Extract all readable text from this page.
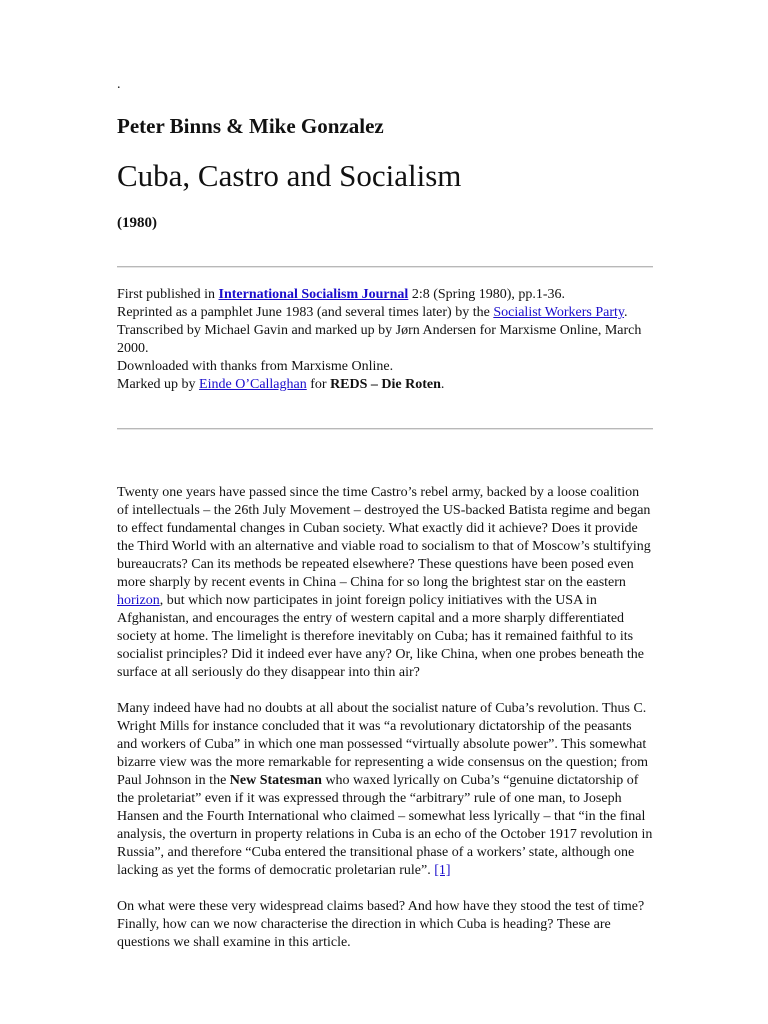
.
Peter Binns & Mike Gonzalez
Cuba, Castro and Socialism
(1980)
First published in International Socialism Journal 2:8 (Spring 1980), pp.1-36.
Reprinted as a pamphlet June 1983 (and several times later) by the Socialist Workers Party.
Transcribed by Michael Gavin and marked up by Jørn Andersen for Marxisme Online, March 2000.
Downloaded with thanks from Marxisme Online.
Marked up by Einde O’Callaghan for REDS – Die Roten.

Twenty one years have passed since the time Castro’s rebel army, backed by a loose coalition of intellectuals – the 26th July Movement – destroyed the US-backed Batista regime and began to effect fundamental changes in Cuban society. What exactly did it achieve? Does it provide the Third World with an alternative and viable road to socialism to that of Moscow’s stultifying bureaucrats? Can its methods be repeated elsewhere? These questions have been posed even more sharply by recent events in China – China for so long the brightest star on the eastern horizon, but which now participates in joint foreign policy initiatives with the USA in Afghanistan, and encourages the entry of western capital and a more sharply differentiated society at home. The limelight is therefore inevitably on Cuba; has it remained faithful to its socialist principles? Did it indeed ever have any? Or, like China, when one probes beneath the surface at all seriously do they disappear into thin air?

Many indeed have had no doubts at all about the socialist nature of Cuba’s revolution. Thus C. Wright Mills for instance concluded that it was “a revolutionary dictatorship of the peasants and workers of Cuba” in which one man possessed “virtually absolute power”. This somewhat bizarre view was the more remarkable for representing a wide consensus on the question; from Paul Johnson in the New Statesman who waxed lyrically on Cuba’s “genuine dictatorship of the proletariat” even if it was expressed through the “arbitrary” rule of one man, to Joseph Hansen and the Fourth International who claimed – somewhat less lyrically – that “in the final analysis, the overturn in property relations in Cuba is an echo of the October 1917 revolution in Russia”, and therefore “Cuba entered the transitional phase of a workers’ state, although one lacking as yet the forms of democratic proletarian rule”. [1]

On what were these very widespread claims based? And how have they stood the test of time? Finally, how can we now characterise the direction in which Cuba is heading? These are questions we shall examine in this article.
